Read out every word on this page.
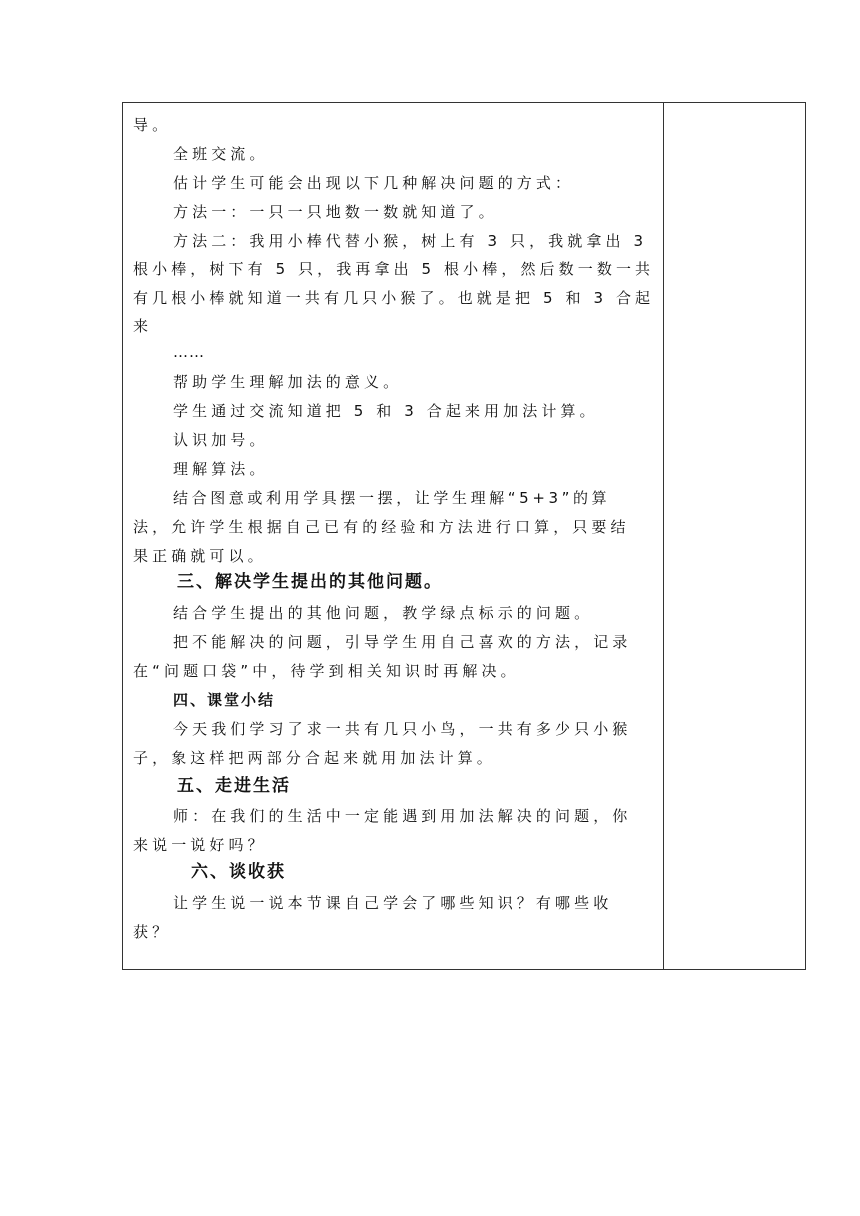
导。
全班交流。
估计学生可能会出现以下几种解决问题的方式：
方法一：一只一只地数一数就知道了。
方法二：我用小棒代替小猴，树上有 3 只，我就拿出 3
根小棒，树下有 5 只，我再拿出 5 根小棒，然后数一数一共
有几根小棒就知道一共有几只小猴了。也就是把 5 和 3 合起
来
……
帮助学生理解加法的意义。
学生通过交流知道把 5 和 3 合起来用加法计算。
认识加号。
理解算法。
结合图意或利用学具摆一摆，让学生理解“5+3”的算
法，允许学生根据自己已有的经验和方法进行口算，只要结
果正确就可以。
三、解决学生提出的其他问题。
结合学生提出的其他问题，教学绿点标示的问题。
把不能解决的问题，引导学生用自己喜欢的方法，记录
在“问题口袋”中，待学到相关知识时再解决。
四、课堂小结
今天我们学习了求一共有几只小鸟，一共有多少只小猴
子，象这样把两部分合起来就用加法计算。
五、走进生活
师：在我们的生活中一定能遇到用加法解决的问题，你
来说一说好吗？
六、谈收获
让学生说一说本节课自己学会了哪些知识？有哪些收
获？
